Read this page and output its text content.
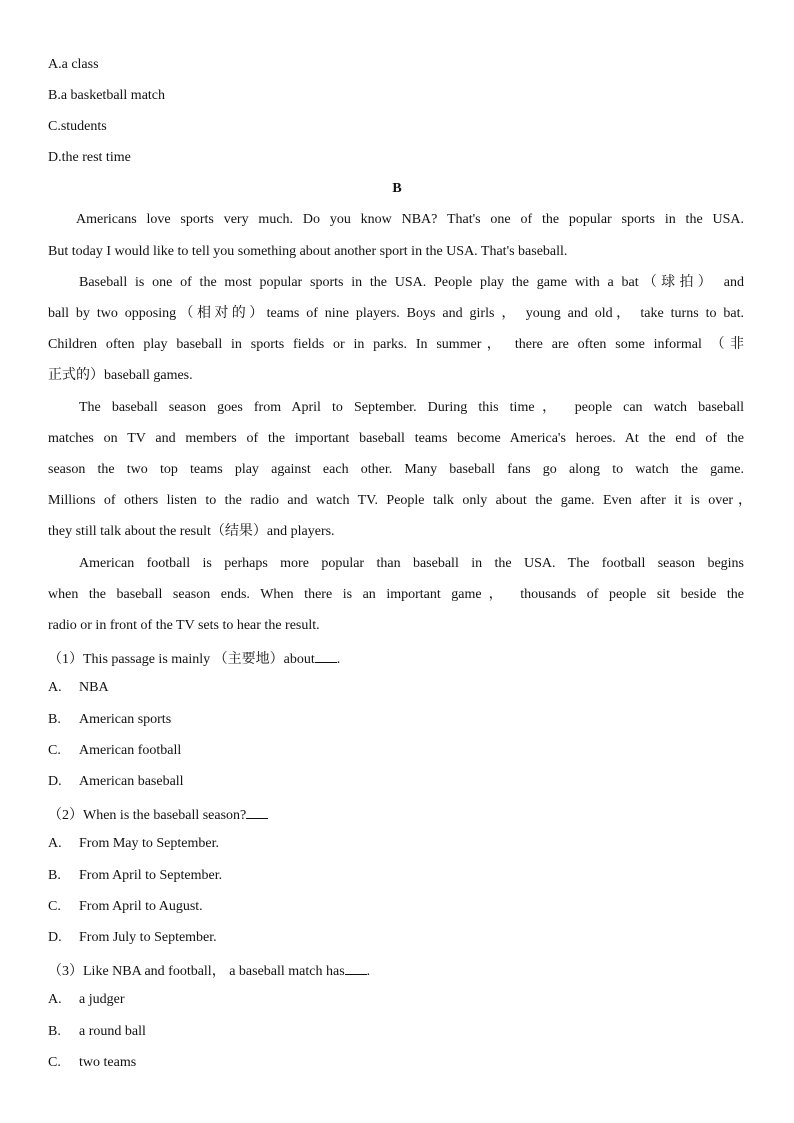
A.a class
B.a basketball match
C.students
D.the rest time
B
Americans love sports very much. Do you know NBA? That's one of the popular sports in the USA.
But today I would like to tell you something about another sport in the USA. That's baseball.
Baseball is one of the most popular sports in the USA. People play the game with a bat（球拍） and
ball by two opposing（相对的）teams of nine players. Boys and girls ， young and old， take turns to bat.
Children often play baseball in sports fields or in parks. In summer， there are often some informal （非
正式的）baseball games.
The baseball season goes from April to September. During this time， people can watch baseball
matches on TV and members of the important baseball teams become America's heroes. At the end of the
season the two top teams play against each other. Many baseball fans go along to watch the game.
Millions of others listen to the radio and watch TV. People talk only about the game. Even after it is over，
they still talk about the result（结果）and players.
American football is perhaps more popular than baseball in the USA. The football season begins
when the baseball season ends. When there is an important game， thousands of people sit beside the
radio or in front of the TV sets to hear the result.
（1）This passage is mainly （主要地）about .
A. NBA
B. American sports
C. American football
D. American baseball
（2）When is the baseball season?
A. From May to September.
B. From April to September.
C. From April to August.
D. From July to September.
（3）Like NBA and football， a baseball match has .
A. a judger
B. a round ball
C. two teams
